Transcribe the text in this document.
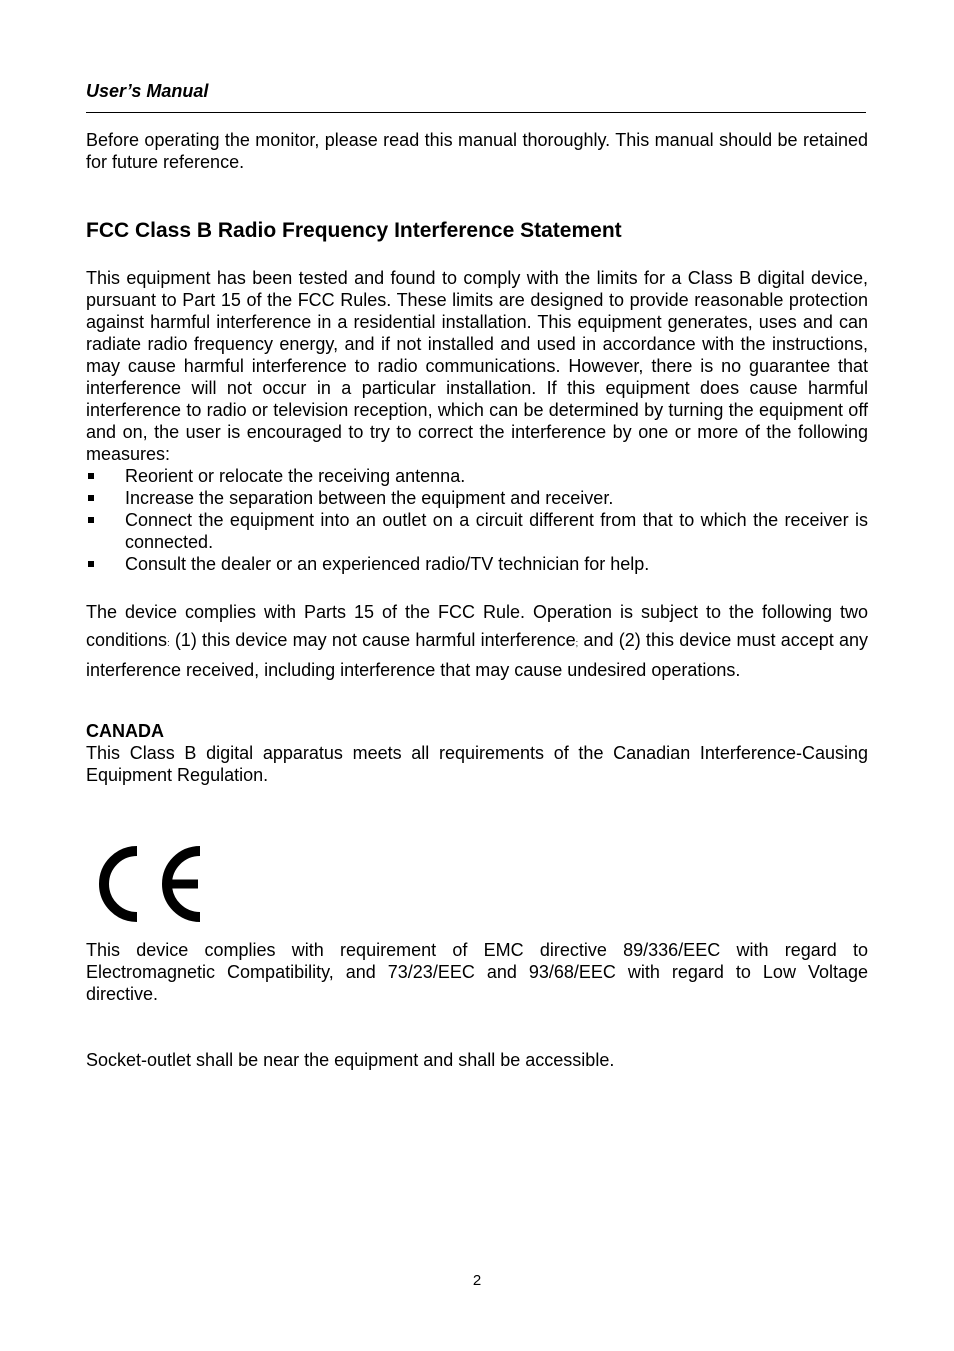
User’s Manual

Before operating the monitor, please read this manual thoroughly. This manual should be retained for future reference.

FCC Class B Radio Frequency Interference Statement

This equipment has been tested and found to comply with the limits for a Class B digital device, pursuant to Part 15 of the FCC Rules. These limits are designed to provide reasonable protection against harmful interference in a residential installation. This equipment generates, uses and can radiate radio frequency energy, and if not installed and used in accordance with the instructions, may cause harmful interference to radio communications. However, there is no guarantee that interference will not occur in a particular installation. If this equipment does cause harmful interference to radio or television reception, which can be determined by turning the equipment off and on, the user is encouraged to try to correct the interference by one or more of the following measures:

Reorient or relocate the receiving antenna.
Increase the separation between the equipment and receiver.
Connect the equipment into an outlet on a circuit different from that to which the receiver is connected.
Consult the dealer or an experienced radio/TV technician for help.

The device complies with Parts 15 of the FCC Rule. Operation is subject to the following two conditions: (1) this device may not cause harmful interference; and (2) this device must accept any interference received, including interference that may cause undesired operations.

CANADA

This Class B digital apparatus meets all requirements of the Canadian Interference-Causing Equipment Regulation.

This device complies with requirement of EMC directive 89/336/EEC with regard to Electromagnetic Compatibility, and 73/23/EEC and 93/68/EEC with regard to Low Voltage directive.

Socket-outlet shall be near the equipment and shall be accessible.

2
